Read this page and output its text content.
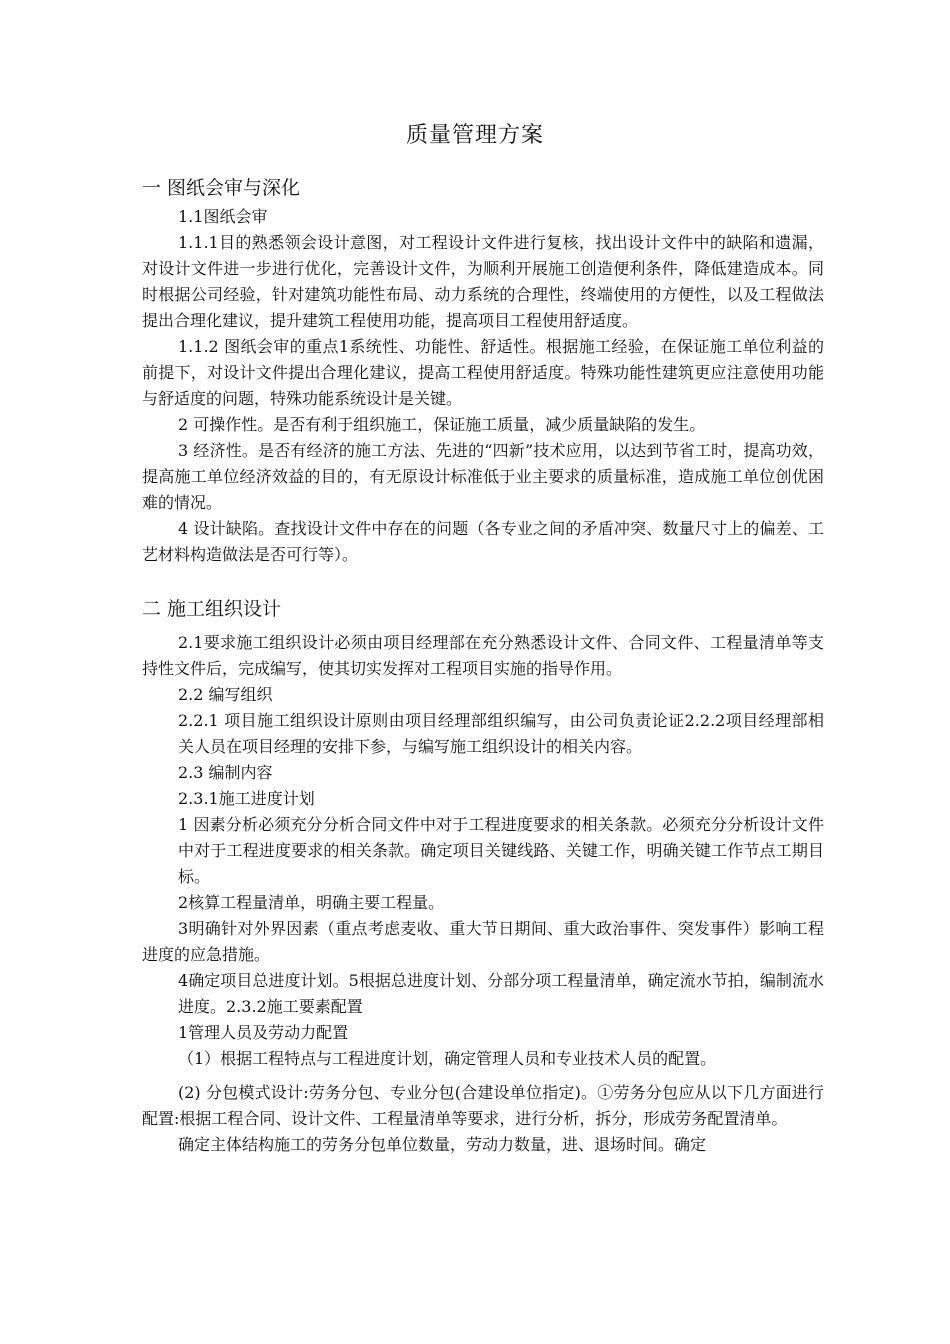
质量管理方案
一 图纸会审与深化

1.1图纸会审

1.1.1目的熟悉领会设计意图，对工程设计文件进行复核，找出设计文件中的缺陷和遗漏，对设计文件进一步进行优化，完善设计文件，为顺利开展施工创造便利条件，降低建造成本。同时根据公司经验，针对建筑功能性布局、动力系统的合理性，终端使用的方便性，以及工程做法提出合理化建议，提升建筑工程使用功能，提高项目工程使用舒适度。

1.1.2 图纸会审的重点1系统性、功能性、舒适性。根据施工经验，在保证施工单位利益的前提下，对设计文件提出合理化建议，提高工程使用舒适度。特殊功能性建筑更应注意使用功能与舒适度的问题，特殊功能系统设计是关键。

2 可操作性。是否有利于组织施工，保证施工质量，减少质量缺陷的发生。

3 经济性。是否有经济的施工方法、先进的“四新”技术应用，以达到节省工时，提高功效，提高施工单位经济效益的目的，有无原设计标准低于业主要求的质量标准，造成施工单位创优困难的情况。

4 设计缺陷。查找设计文件中存在的问题（各专业之间的矛盾冲突、数量尺寸上的偏差、工艺材料构造做法是否可行等）。

二 施工组织设计

2.1要求施工组织设计必须由项目经理部在充分熟悉设计文件、合同文件、工程量清单等支持性文件后，完成编写，使其切实发挥对工程项目实施的指导作用。

2.2 编写组织

2.2.1 项目施工组织设计原则由项目经理部组织编写，由公司负责论证2.2.2项目经理部相关人员在项目经理的安排下参，与编写施工组织设计的相关内容。

2.3 编制内容

2.3.1施工进度计划

1 因素分析必须充分分析合同文件中对于工程进度要求的相关条款。必须充分分析设计文件中对于工程进度要求的相关条款。确定项目关键线路、关键工作，明确关键工作节点工期目标。

2核算工程量清单，明确主要工程量。

3明确针对外界因素（重点考虑麦收、重大节日期间、重大政治事件、突发事件）影响工程进度的应急措施。

4确定项目总进度计划。5根据总进度计划、分部分项工程量清单，确定流水节拍，编制流水进度。2.3.2施工要素配置

1管理人员及劳动力配置

（1）根据工程特点与工程进度计划，确定管理人员和专业技术人员的配置。

(2) 分包模式设计:劳务分包、专业分包(合建设单位指定)。①劳务分包应从以下几方面进行配置:根据工程合同、设计文件、工程量清单等要求，进行分析，拆分，形成劳务配置清单。

确定主体结构施工的劳务分包单位数量，劳动力数量，进、退场时间。确定
